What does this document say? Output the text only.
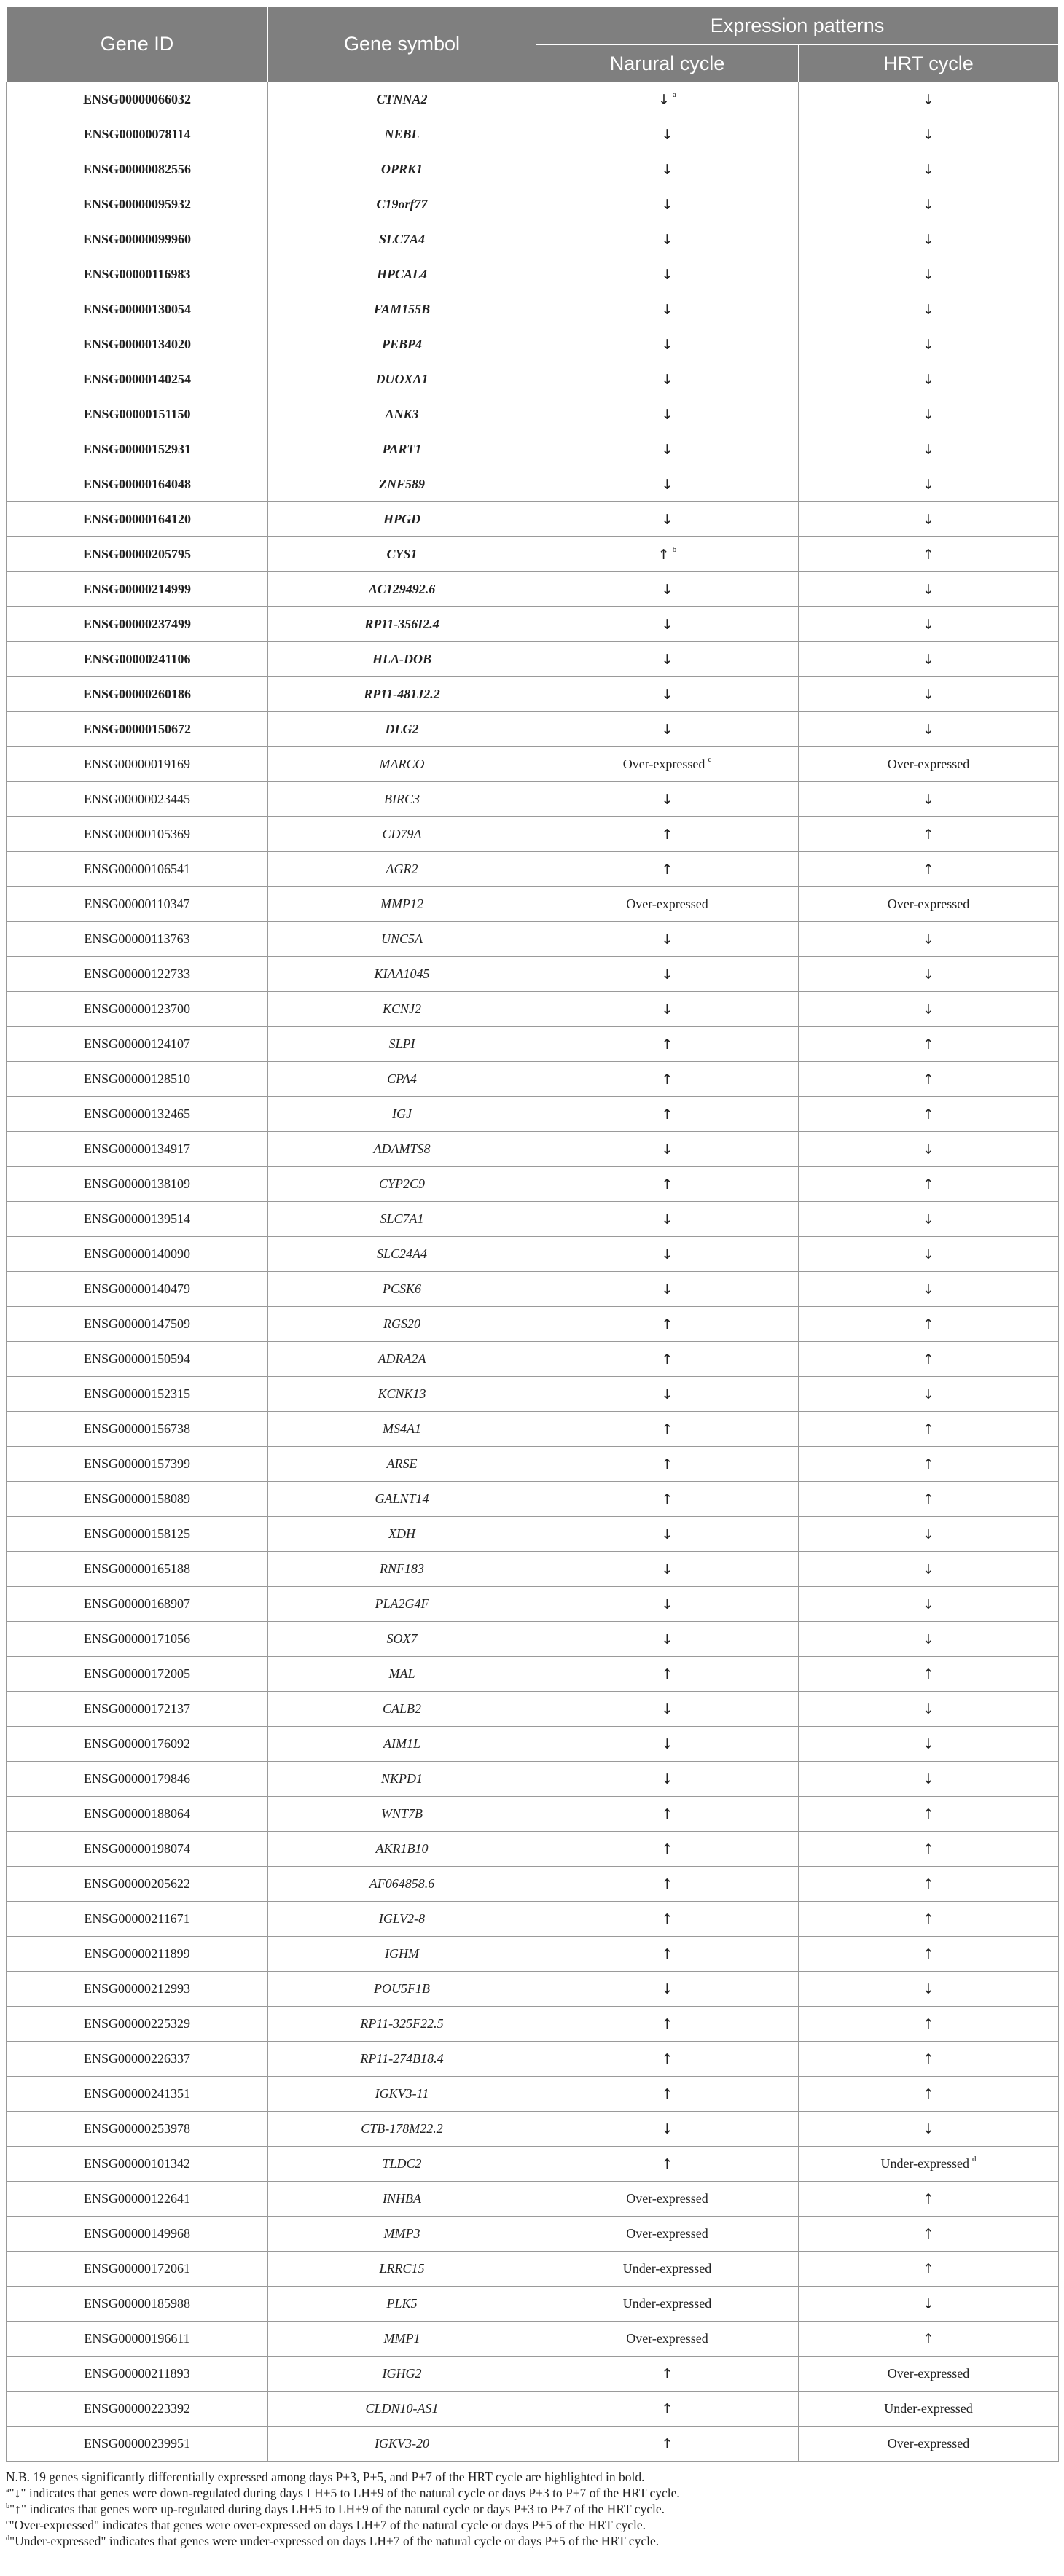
Gene ID	Gene symbol	Expression patterns	
		Narural cycle	HRT cycle
ENSG00000066032	CTNNA2	↓ $^a$	↓
ENSG00000078114	NEBL	↓	↓
ENSG00000082556	OPRK1	↓	↓
ENSG00000095932	C19orf77	↓	↓
ENSG00000099960	SLC7A4	↓	↓
ENSG00000116983	HPCAL4	↓	↓
ENSG00000130054	FAM155B	↓	↓
ENSG00000134020	PEBP4	↓	↓
ENSG00000140254	DUOXA1	↓	↓
ENSG00000151150	ANK3	↓	↓
ENSG00000152931	PART1	↓	↓
ENSG00000164048	ZNF589	↓	↓
ENSG00000164120	HPGD	↓	↓
ENSG00000205795	CYS1	↑ $^b$	↑
ENSG00000214999	AC129492.6	↓	↓
ENSG00000237499	RP11-356I2.4	↓	↓
ENSG00000241106	HLA-DOB	↓	↓
ENSG00000260186	RP11-481J2.2	↓	↓
ENSG00000150672	DLG2	↓	↓
ENSG00000019169	MARCO	Over-expressed $^c$	Over-expressed
ENSG00000023445	BIRC3	↓	↓
ENSG00000105369	CD79A	↑	↑
ENSG00000106541	AGR2	↑	↑
ENSG00000110347	MMP12	Over-expressed	Over-expressed
ENSG00000113763	UNC5A	↓	↓
ENSG00000122733	KIAA1045	↓	↓
ENSG00000123700	KCNJ2	↓	↓
ENSG00000124107	SLPI	↑	↑
ENSG00000128510	CPA4	↑	↑
ENSG00000132465	IGJ	↑	↑
ENSG00000134917	ADAMTS8	↓	↓
ENSG00000138109	CYP2C9	↑	↑
ENSG00000139514	SLC7A1	↓	↓
ENSG00000140090	SLC24A4	↓	↓
ENSG00000140479	PCSK6	↓	↓
ENSG00000147509	RGS20	↑	↑
ENSG00000150594	ADRA2A	↑	↑
ENSG00000152315	KCNK13	↓	↓
ENSG00000156738	MS4A1	↑	↑
ENSG00000157399	ARSE	↑	↑
ENSG00000158089	GALNT14	↑	↑
ENSG00000158125	XDH	↓	↓
ENSG00000165188	RNF183	↓	↓
ENSG00000168907	PLA2G4F	↓	↓
ENSG00000171056	SOX7	↓	↓
ENSG00000172005	MAL	↑	↑
ENSG00000172137	CALB2	↓	↓
ENSG00000176092	AIM1L	↓	↓
ENSG00000179846	NKPD1	↓	↓
ENSG00000188064	WNT7B	↑	↑
ENSG00000198074	AKR1B10	↑	↑
ENSG00000205622	AF064858.6	↑	↑
ENSG00000211671	IGLV2-8	↑	↑
ENSG00000211899	IGHM	↑	↑
ENSG00000212993	POU5F1B	↓	↓
ENSG00000225329	RP11-325F22.5	↑	↑
ENSG00000226337	RP11-274B18.4	↑	↑
ENSG00000241351	IGKV3-11	↑	↑
ENSG00000253978	CTB-178M22.2	↓	↓
ENSG00000101342	TLDC2	↑	Under-expressed $^d$
ENSG00000122641	INHBA	Over-expressed	↑
ENSG00000149968	MMP3	Over-expressed	↑
ENSG00000172061	LRRC15	Under-expressed	↑
ENSG00000185988	PLK5	Under-expressed	↓
ENSG00000196611	MMP1	Over-expressed	↑
ENSG00000211893	IGHG2	↑	Over-expressed
ENSG00000223392	CLDN10-AS1	↑	Under-expressed
ENSG00000239951	IGKV3-20	↑	Over-expressed

N.B. 19 genes significantly differentially expressed among days P+3, P+5, and P+7 of the HRT cycle are highlighted in bold.

$^a$"↓" indicates that genes were down-regulated during days LH+5 to LH+9 of the natural cycle or days P+3 to P+7 of the HRT cycle.

$^b$"↑" indicates that genes were up-regulated during days LH+5 to LH+9 of the natural cycle or days P+3 to P+7 of the HRT cycle.

$^c$"Over-expressed" indicates that genes were over-expressed on days LH+7 of the natural cycle or days P+5 of the HRT cycle.

$^d$"Under-expressed" indicates that genes were under-expressed on days LH+7 of the natural cycle or days P+5 of the HRT cycle.
